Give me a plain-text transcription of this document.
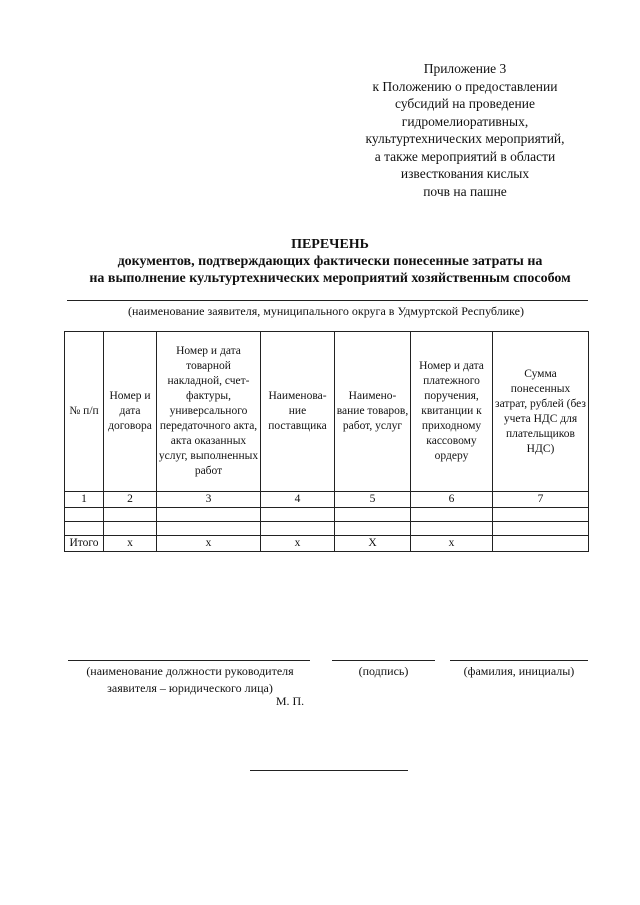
Приложение 3
к Положению о предоставлении
субсидий на проведение
гидромелиоративных,
культуртехнических мероприятий,
а также мероприятий в области
известкования кислых
почв на пашне
ПЕРЕЧЕНЬ
документов, подтверждающих фактически понесенные затраты на
на выполнение культуртехнических мероприятий хозяйственным способом
(наименование заявителя, муниципального округа в Удмуртской Республике)
№ п/п	Номер и дата договора	Номер и дата товарной накладной, счет-фактуры, универсального передаточного акта, акта оказанных услуг, выполненных работ	Наименова-ние поставщика	Наимено-вание товаров, работ, услуг	Номер и дата платежного поручения, квитанции к приходному кассовому ордеру	Сумма понесенных затрат, рублей (без учета НДС для плательщиков НДС)
1	2	3	4	5	6	7

Итого	х	х	х	Х	х	
(наименование должности руководителя
заявителя – юридического лица)
(подпись)	(фамилия, инициалы)
М. П.
